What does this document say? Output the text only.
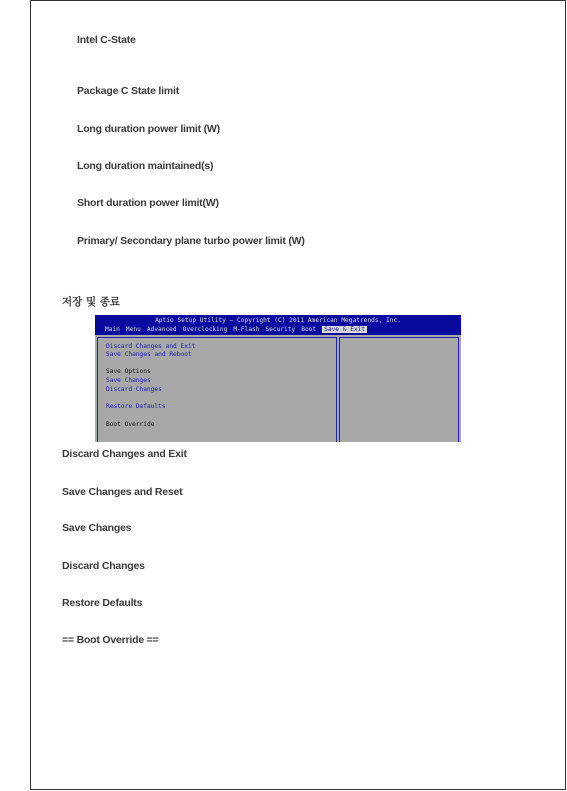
Intel C-State
Package C State limit
Long duration power limit (W)
Long duration maintained(s)
Short duration power limit(W)
Primary/ Secondary plane turbo power limit (W)
저장 및 종료
Aptio Setup Utility – Copyright (C) 2011 American Megatrends, Inc.
Main Menu Advanced Overclocking M-Flash Security Boot	Save & Exit
Discard Changes and Exit
Save Changes and Reboot
Save Options
Save Changes
Discard Changes
Restore Defaults
Boot Override
Discard Changes and Exit
Save Changes and Reset
Save Changes
Discard Changes
Restore Defaults
== Boot Override ==
